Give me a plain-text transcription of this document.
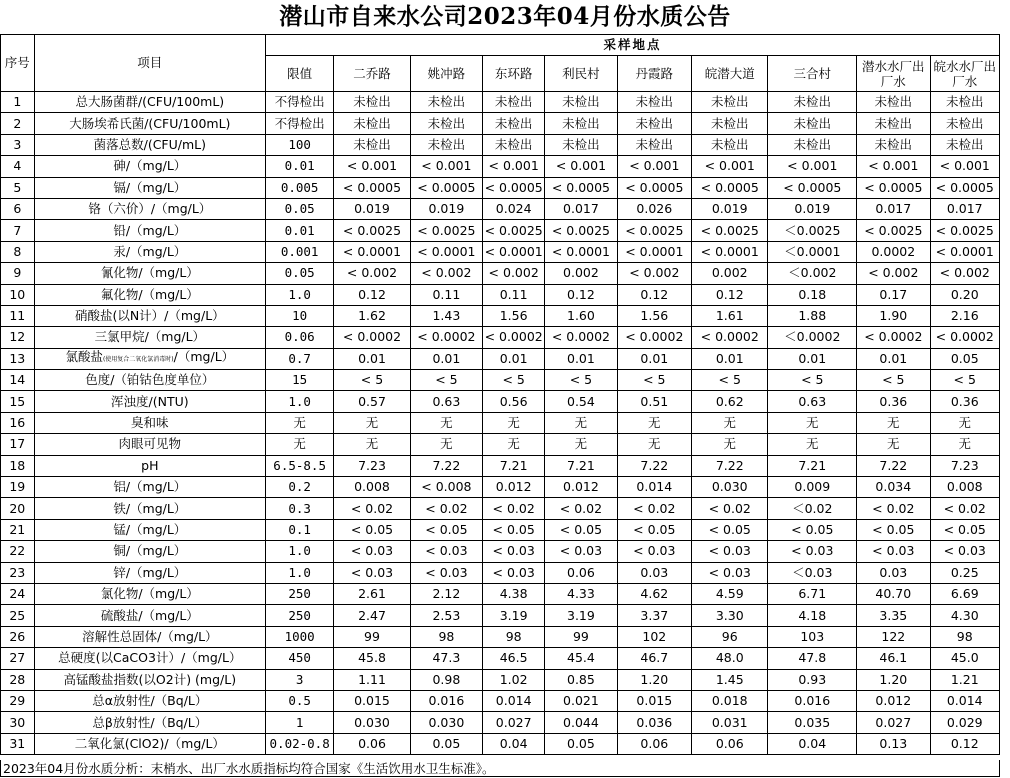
潜山市自来水公司2023年04月份水质公告
序号	项目	采样地点									
		限值	二乔路	姚冲路	东环路	利民村	丹霞路	皖潜大道	三合村	潜水水厂出厂水	皖水水厂出厂水
1	总大肠菌群/(CFU/100mL)	不得检出	未检出	未检出	未检出	未检出	未检出	未检出	未检出	未检出	未检出
2	大肠埃希氏菌/(CFU/100mL)	不得检出	未检出	未检出	未检出	未检出	未检出	未检出	未检出	未检出	未检出
3	菌落总数/(CFU/mL)	100	未检出	未检出	未检出	未检出	未检出	未检出	未检出	未检出	未检出
4	砷/（mg/L）	0.01	< 0.001	< 0.001	< 0.001	< 0.001	< 0.001	< 0.001	< 0.001	< 0.001	< 0.001
5	镉/（mg/L）	0.005	< 0.0005	< 0.0005	< 0.0005	< 0.0005	< 0.0005	< 0.0005	< 0.0005	< 0.0005	< 0.0005
6	铬（六价）/（mg/L）	0.05	0.019	0.019	0.024	0.017	0.026	0.019	0.019	0.017	0.017
7	铅/（mg/L）	0.01	< 0.0025	< 0.0025	< 0.0025	< 0.0025	< 0.0025	< 0.0025	＜0.0025	< 0.0025	< 0.0025
8	汞/（mg/L）	0.001	< 0.0001	< 0.0001	< 0.0001	< 0.0001	< 0.0001	< 0.0001	＜0.0001	0.0002	< 0.0001
9	氰化物/（mg/L）	0.05	< 0.002	< 0.002	< 0.002	0.002	< 0.002	0.002	＜0.002	< 0.002	< 0.002
10	氟化物/（mg/L）	1.0	0.12	0.11	0.11	0.12	0.12	0.12	0.18	0.17	0.20
11	硝酸盐(以N计）/（mg/L）	10	1.62	1.43	1.56	1.60	1.56	1.61	1.88	1.90	2.16
12	三氯甲烷/（mg/L）	0.06	< 0.0002	< 0.0002	< 0.0002	< 0.0002	< 0.0002	< 0.0002	＜0.0002	< 0.0002	< 0.0002
13	氯酸盐(使用复合二氧化氯消毒时)/（mg/L）	0.7	0.01	0.01	0.01	0.01	0.01	0.01	0.01	0.01	0.05
14	色度/（铂钴色度单位）	15	< 5	< 5	< 5	< 5	< 5	< 5	< 5	< 5	< 5
15	浑浊度/(NTU)	1.0	0.57	0.63	0.56	0.54	0.51	0.62	0.63	0.36	0.36
16	臭和味	无	无	无	无	无	无	无	无	无	无
17	肉眼可见物	无	无	无	无	无	无	无	无	无	无
18	pH	6.5-8.5	7.23	7.22	7.21	7.21	7.22	7.22	7.21	7.22	7.23
19	铝/（mg/L）	0.2	0.008	< 0.008	0.012	0.012	0.014	0.030	0.009	0.034	0.008
20	铁/（mg/L）	0.3	< 0.02	< 0.02	< 0.02	< 0.02	< 0.02	< 0.02	＜0.02	< 0.02	< 0.02
21	锰/（mg/L）	0.1	< 0.05	< 0.05	< 0.05	< 0.05	< 0.05	< 0.05	< 0.05	< 0.05	< 0.05
22	铜/（mg/L）	1.0	< 0.03	< 0.03	< 0.03	< 0.03	< 0.03	< 0.03	< 0.03	< 0.03	< 0.03
23	锌/（mg/L）	1.0	< 0.03	< 0.03	< 0.03	0.06	0.03	< 0.03	＜0.03	0.03	0.25
24	氯化物/（mg/L）	250	2.61	2.12	4.38	4.33	4.62	4.59	6.71	40.70	6.69
25	硫酸盐/（mg/L）	250	2.47	2.53	3.19	3.19	3.37	3.30	4.18	3.35	4.30
26	溶解性总固体/（mg/L）	1000	99	98	98	99	102	96	103	122	98
27	总硬度(以CaCO3计）/（mg/L）	450	45.8	47.3	46.5	45.4	46.7	48.0	47.8	46.1	45.0
28	高锰酸盐指数(以O2计) (mg/L)	3	1.11	0.98	1.02	0.85	1.20	1.45	0.93	1.20	1.21
29	总α放射性/（Bq/L）	0.5	0.015	0.016	0.014	0.021	0.015	0.018	0.016	0.012	0.014
30	总β放射性/（Bq/L）	1	0.030	0.030	0.027	0.044	0.036	0.031	0.035	0.027	0.029
31	二氧化氯(ClO2)/（mg/L）	0.02-0.8	0.06	0.05	0.04	0.05	0.06	0.06	0.04	0.13	0.12
2023年04月份水质分析：末梢水、出厂水水质指标均符合国家《生活饮用水卫生标准》。
